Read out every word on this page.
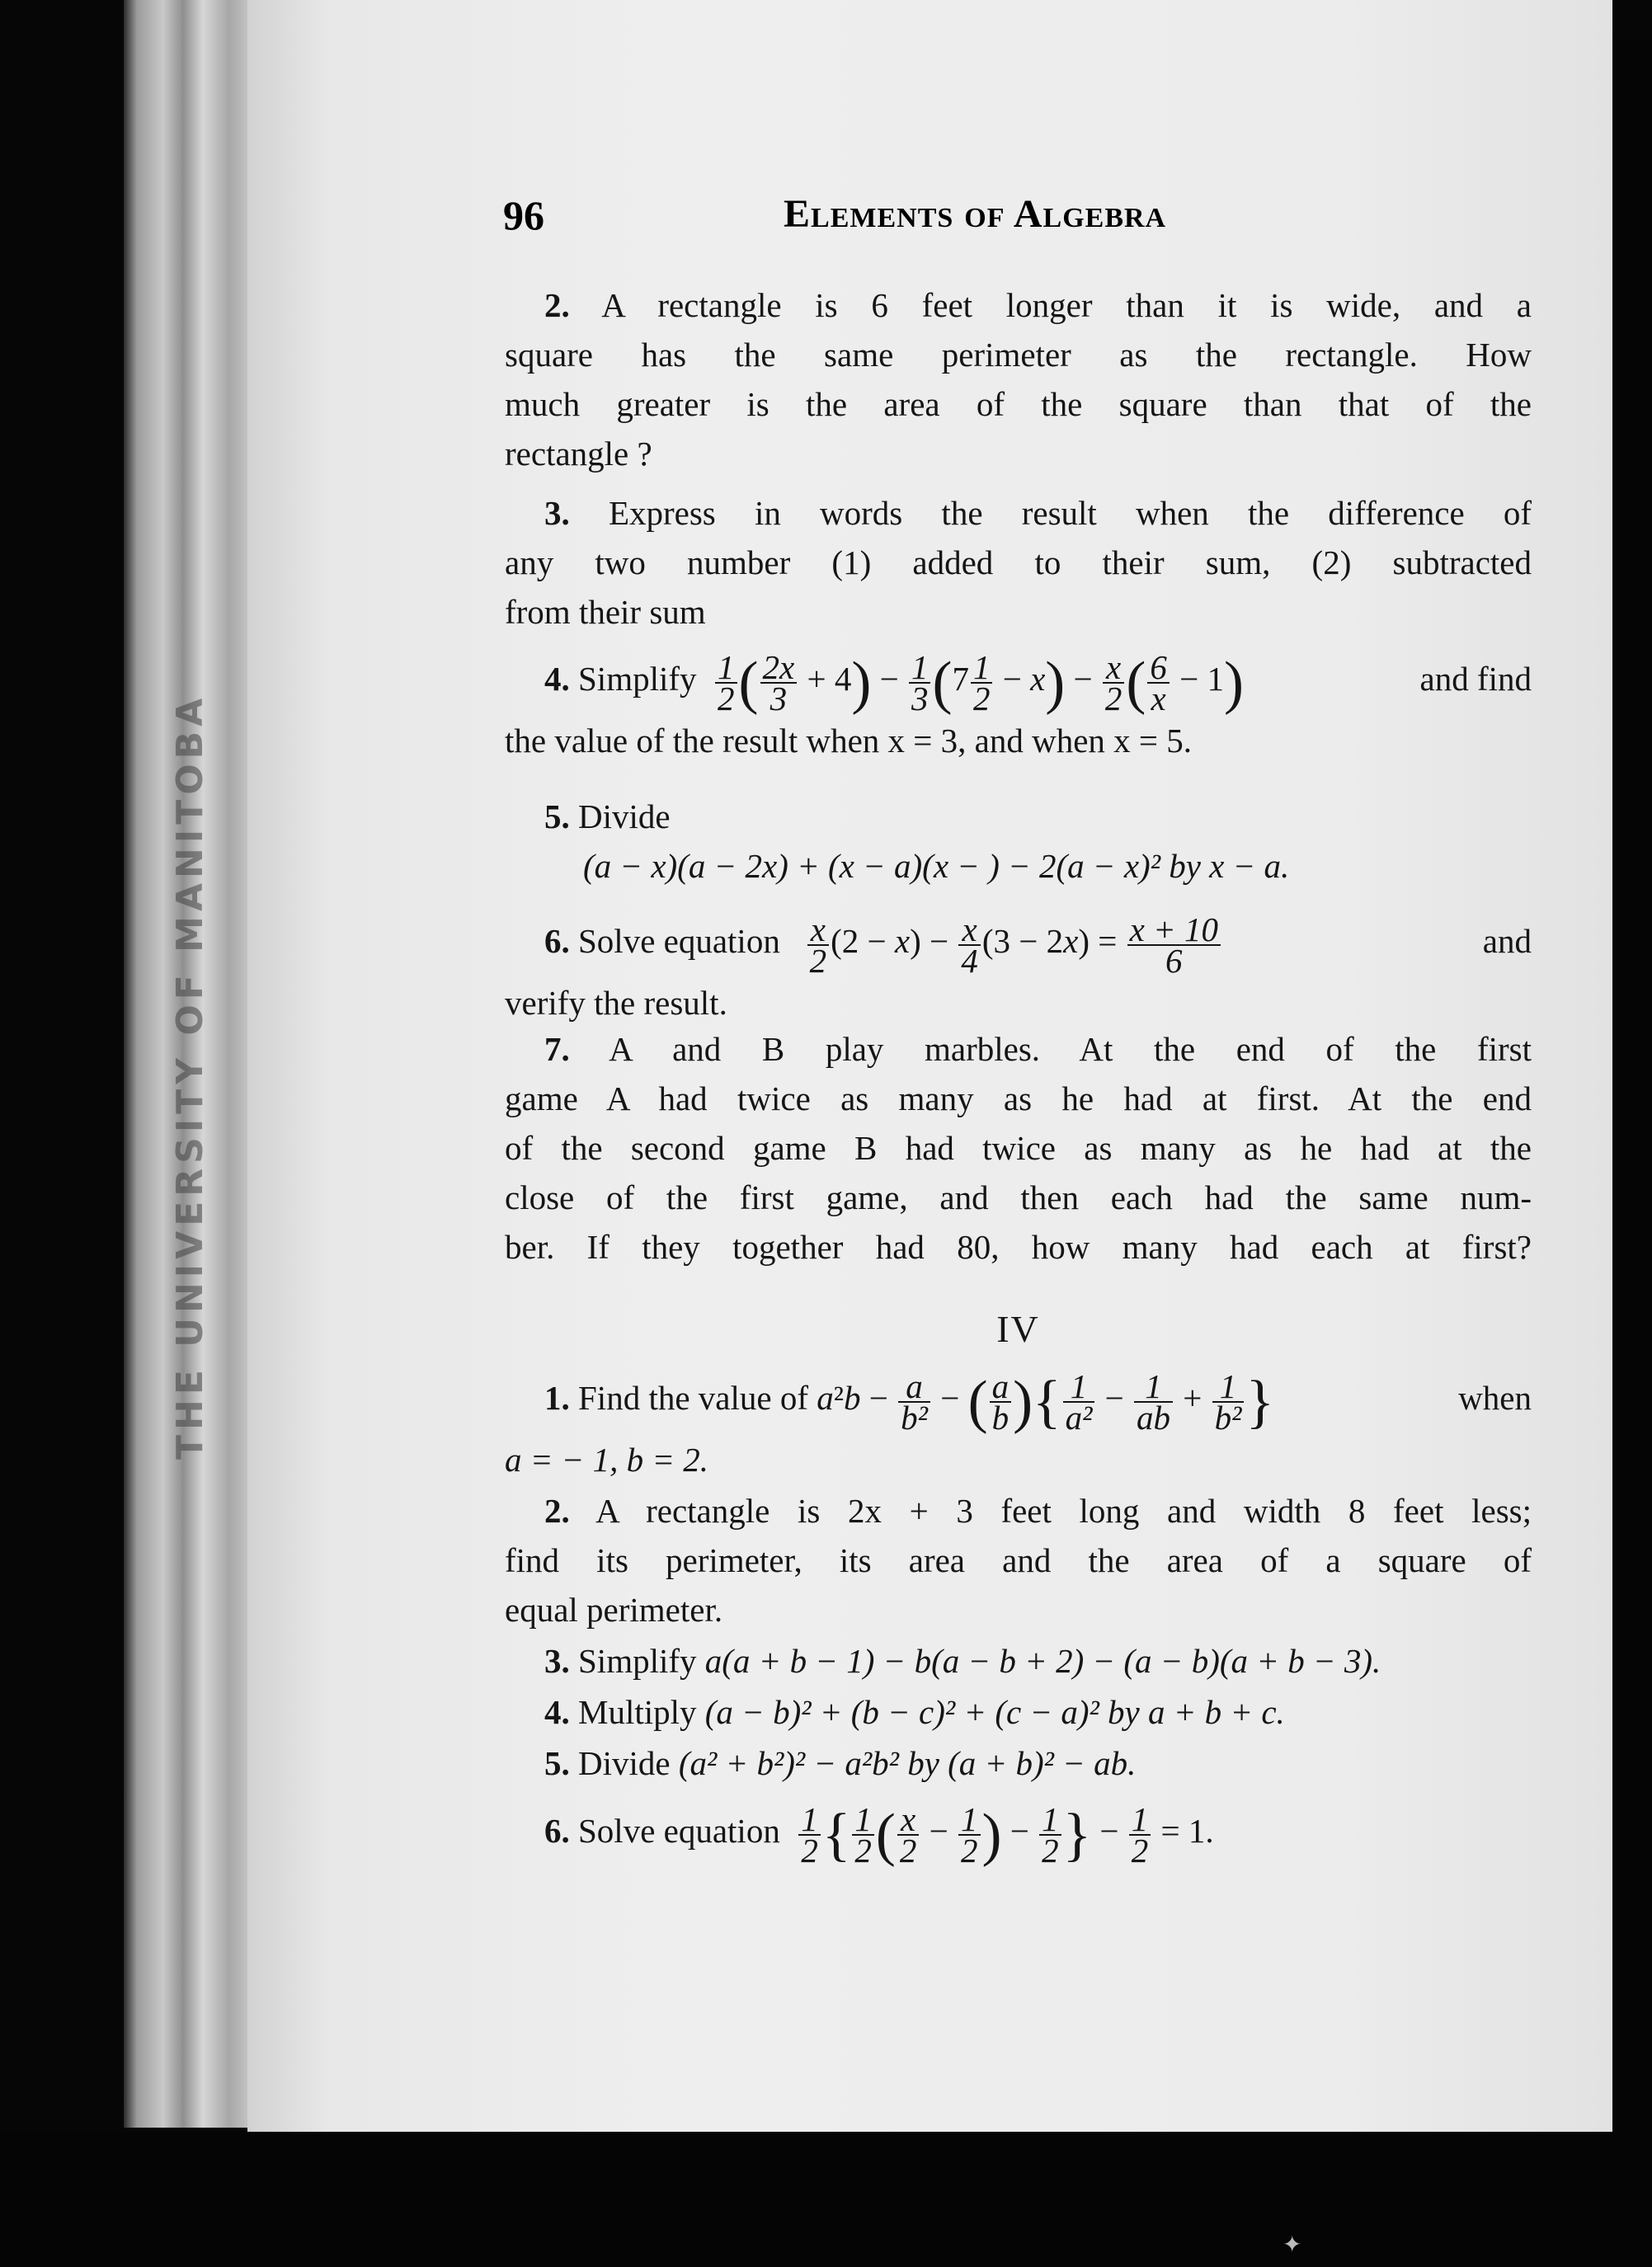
THE UNIVERSITY OF MANITOBA
✦
96	Elements of Algebra
2. A rectangle is 6 feet longer than it is wide, and a
square has the same perimeter as the rectangle. How
much greater is the area of the square than that of the
rectangle ?
3. Express in words the result when the difference of
any two number (1) added to their sum, (2) subtracted
from their sum
4. Simplify $\frac{1}{2}$ ( $\frac{2x}{3} + 4) - \frac{1}{3} (7 \frac{1}{2} - x) - \frac{x}{2}$ ( $\frac{6}{x} - 1$)	and find
the value of the result when x = 3, and when x = 5.
5. Divide
(a − x)(a − 2x) + (x − a)(x − ) − 2(a − x)² by x − a.
6. Solve equation $\frac{x}{2} (2 - x) - \frac{x}{4} (3 - 2x) = \frac{x + 10}{6}$	and
verify the result.
7. A and B play marbles. At the end of the first
game A had twice as many as he had at first. At the end
of the second game B had twice as many as he had at the
close of the first game, and then each had the same num-
ber. If they together had 80, how many had each at first?
IV
1. Find the value of $a^2b - \frac{a}{\text{b²}}$ − ( $\frac{a}{b}$ ){ $\frac{1}{\text{a²}} - \frac{1}{ab} + \frac{1}{\text{b²}}$ }	when
a = − 1, b = 2.
2. A rectangle is 2x + 3 feet long and width 8 feet less;
find its perimeter, its area and the area of a square of
equal perimeter.
3. Simplify a(a + b − 1) − b(a − b + 2) − (a − b)(a + b − 3).
4. Multiply (a − b)² + (b − c)² + (c − a)² by a + b + c.
5. Divide (a² + b²)² − a²b² by (a + b)² − ab.
6. Solve equation $\frac{1}{2}$ { $\frac{1}{2}$ ( $\frac{x}{2} - \frac{1}{2}$ ) − $\frac{1}{2}$ } − $\frac{1}{2} = 1$.
